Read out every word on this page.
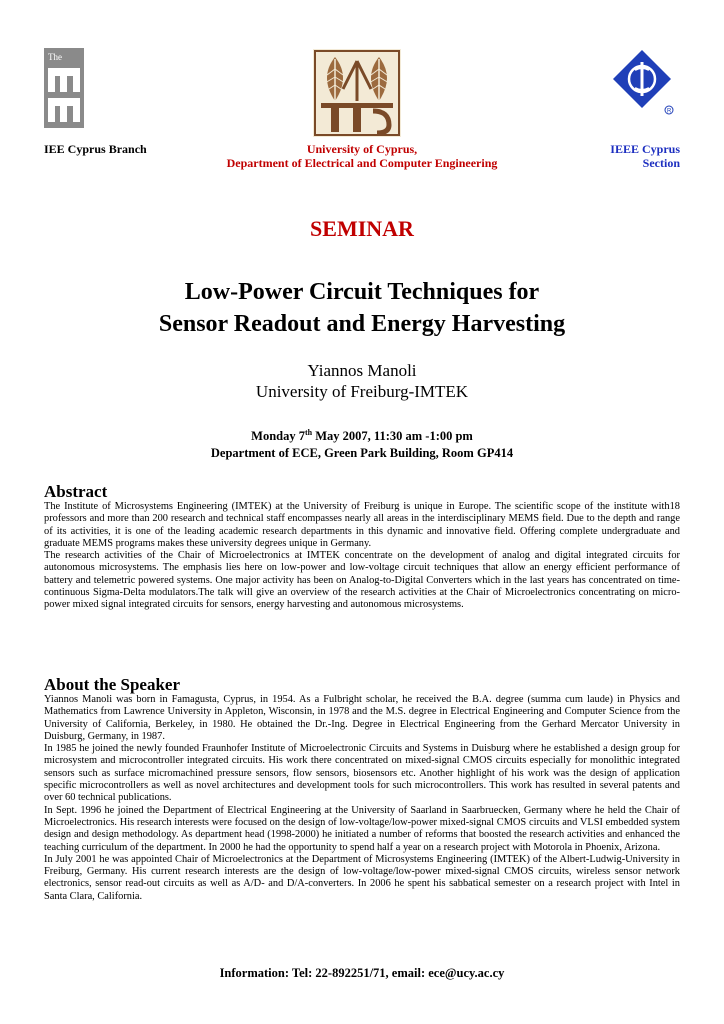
The
R
IEE Cyprus Branch	University of Cyprus,
Department of Electrical and Computer Engineering
IEEE Cyprus
Section
SEMINAR
Low-Power Circuit Techniques for
Sensor Readout and Energy Harvesting
Yiannos Manoli
University of Freiburg-IMTEK
Monday 7th May 2007, 11:30 am -1:00 pm
Department of ECE, Green Park Building, Room GP414
Abstract

The Institute of Microsystems Engineering (IMTEK) at the University of Freiburg is unique in Europe. The scientific scope of the institute with18 professors and more than 200 research and technical staff encompasses nearly all areas in the interdisciplinary MEMS field. Due to the depth and range of its activities, it is one of the leading academic research departments in this dynamic and innovative field. Offering complete undergraduate and graduate MEMS programs makes these university degrees unique in Germany.

The research activities of the Chair of Microelectronics at IMTEK concentrate on the development of analog and digital integrated circuits for autonomous microsystems. The emphasis lies here on low-power and low-voltage circuit techniques that allow an energy efficient performance of battery and telemetric powered systems. One major activity has been on Analog-to-Digital Converters which in the last years has concentrated on time-continuous Sigma-Delta modulators.The talk will give an overview of the research activities at the Chair of Microelectronics concentrating on micro-power mixed signal integrated circuits for sensors, energy harvesting and autonomous microsystems.

About the Speaker

Yiannos Manoli was born in Famagusta, Cyprus, in 1954. As a Fulbright scholar, he received the B.A. degree (summa cum laude) in Physics and Mathematics from Lawrence University in Appleton, Wisconsin, in 1978 and the M.S. degree in Electrical Engineering and Computer Science from the University of California, Berkeley, in 1980. He obtained the Dr.-Ing. Degree in Electrical Engineering from the Gerhard Mercator University in Duisburg, Germany, in 1987.

In 1985 he joined the newly founded Fraunhofer Institute of Microelectronic Circuits and Systems in Duisburg where he established a design group for microsystem and microcontroller integrated circuits. His work there concentrated on mixed-signal CMOS circuits especially for monolithic integrated sensors such as surface micromachined pressure sensors, flow sensors, biosensors etc. Another highlight of his work was the design of application specific microcontrollers as well as novel architectures and development tools for such microcontrollers. This work has resulted in several patents and over 60 technical publications.

In Sept. 1996 he joined the Department of Electrical Engineering at the University of Saarland in Saarbruecken, Germany where he held the Chair of Microelectronics. His research interests were focused on the design of low-voltage/low-power mixed-signal CMOS circuits and VLSI embedded system design and design methodology. As department head (1998-2000) he initiated a number of reforms that boosted the research activities and enhanced the teaching curriculum of the department. In 2000 he had the opportunity to spend half a year on a research project with Motorola in Phoenix, Arizona.

In July 2001 he was appointed Chair of Microelectronics at the Department of Microsystems Engineering (IMTEK) of the Albert-Ludwig-University in Freiburg, Germany. His current research interests are the design of low-voltage/low-power mixed-signal CMOS circuits, wireless sensor network electronics, sensor read-out circuits as well as A/D- and D/A-converters. In 2006 he spent his sabbatical semester on a research project with Intel in Santa Clara, California.

Information: Tel: 22-892251/71, email: ece@ucy.ac.cy
